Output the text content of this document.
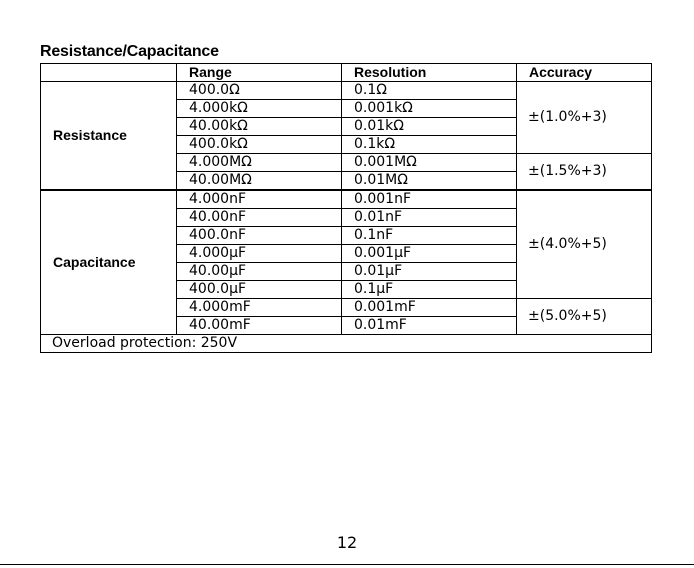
Resistance/Capacitance
	Range	Resolution	Accuracy
Resistance	400.0Ω	0.1Ω	±(1.0%+3)
	4.000kΩ	0.001kΩ	
	40.00kΩ	0.01kΩ	
	400.0kΩ	0.1kΩ	
	4.000MΩ	0.001MΩ	±(1.5%+3)
	40.00MΩ	0.01MΩ	
Capacitance	4.000nF	0.001nF	±(4.0%+5)
	40.00nF	0.01nF	
	400.0nF	0.1nF	
	4.000µF	0.001µF	
	40.00µF	0.01µF	
	400.0µF	0.1µF	
	4.000mF	0.001mF	±(5.0%+5)
	40.00mF	0.01mF	
Overload protection: 250V			
12
